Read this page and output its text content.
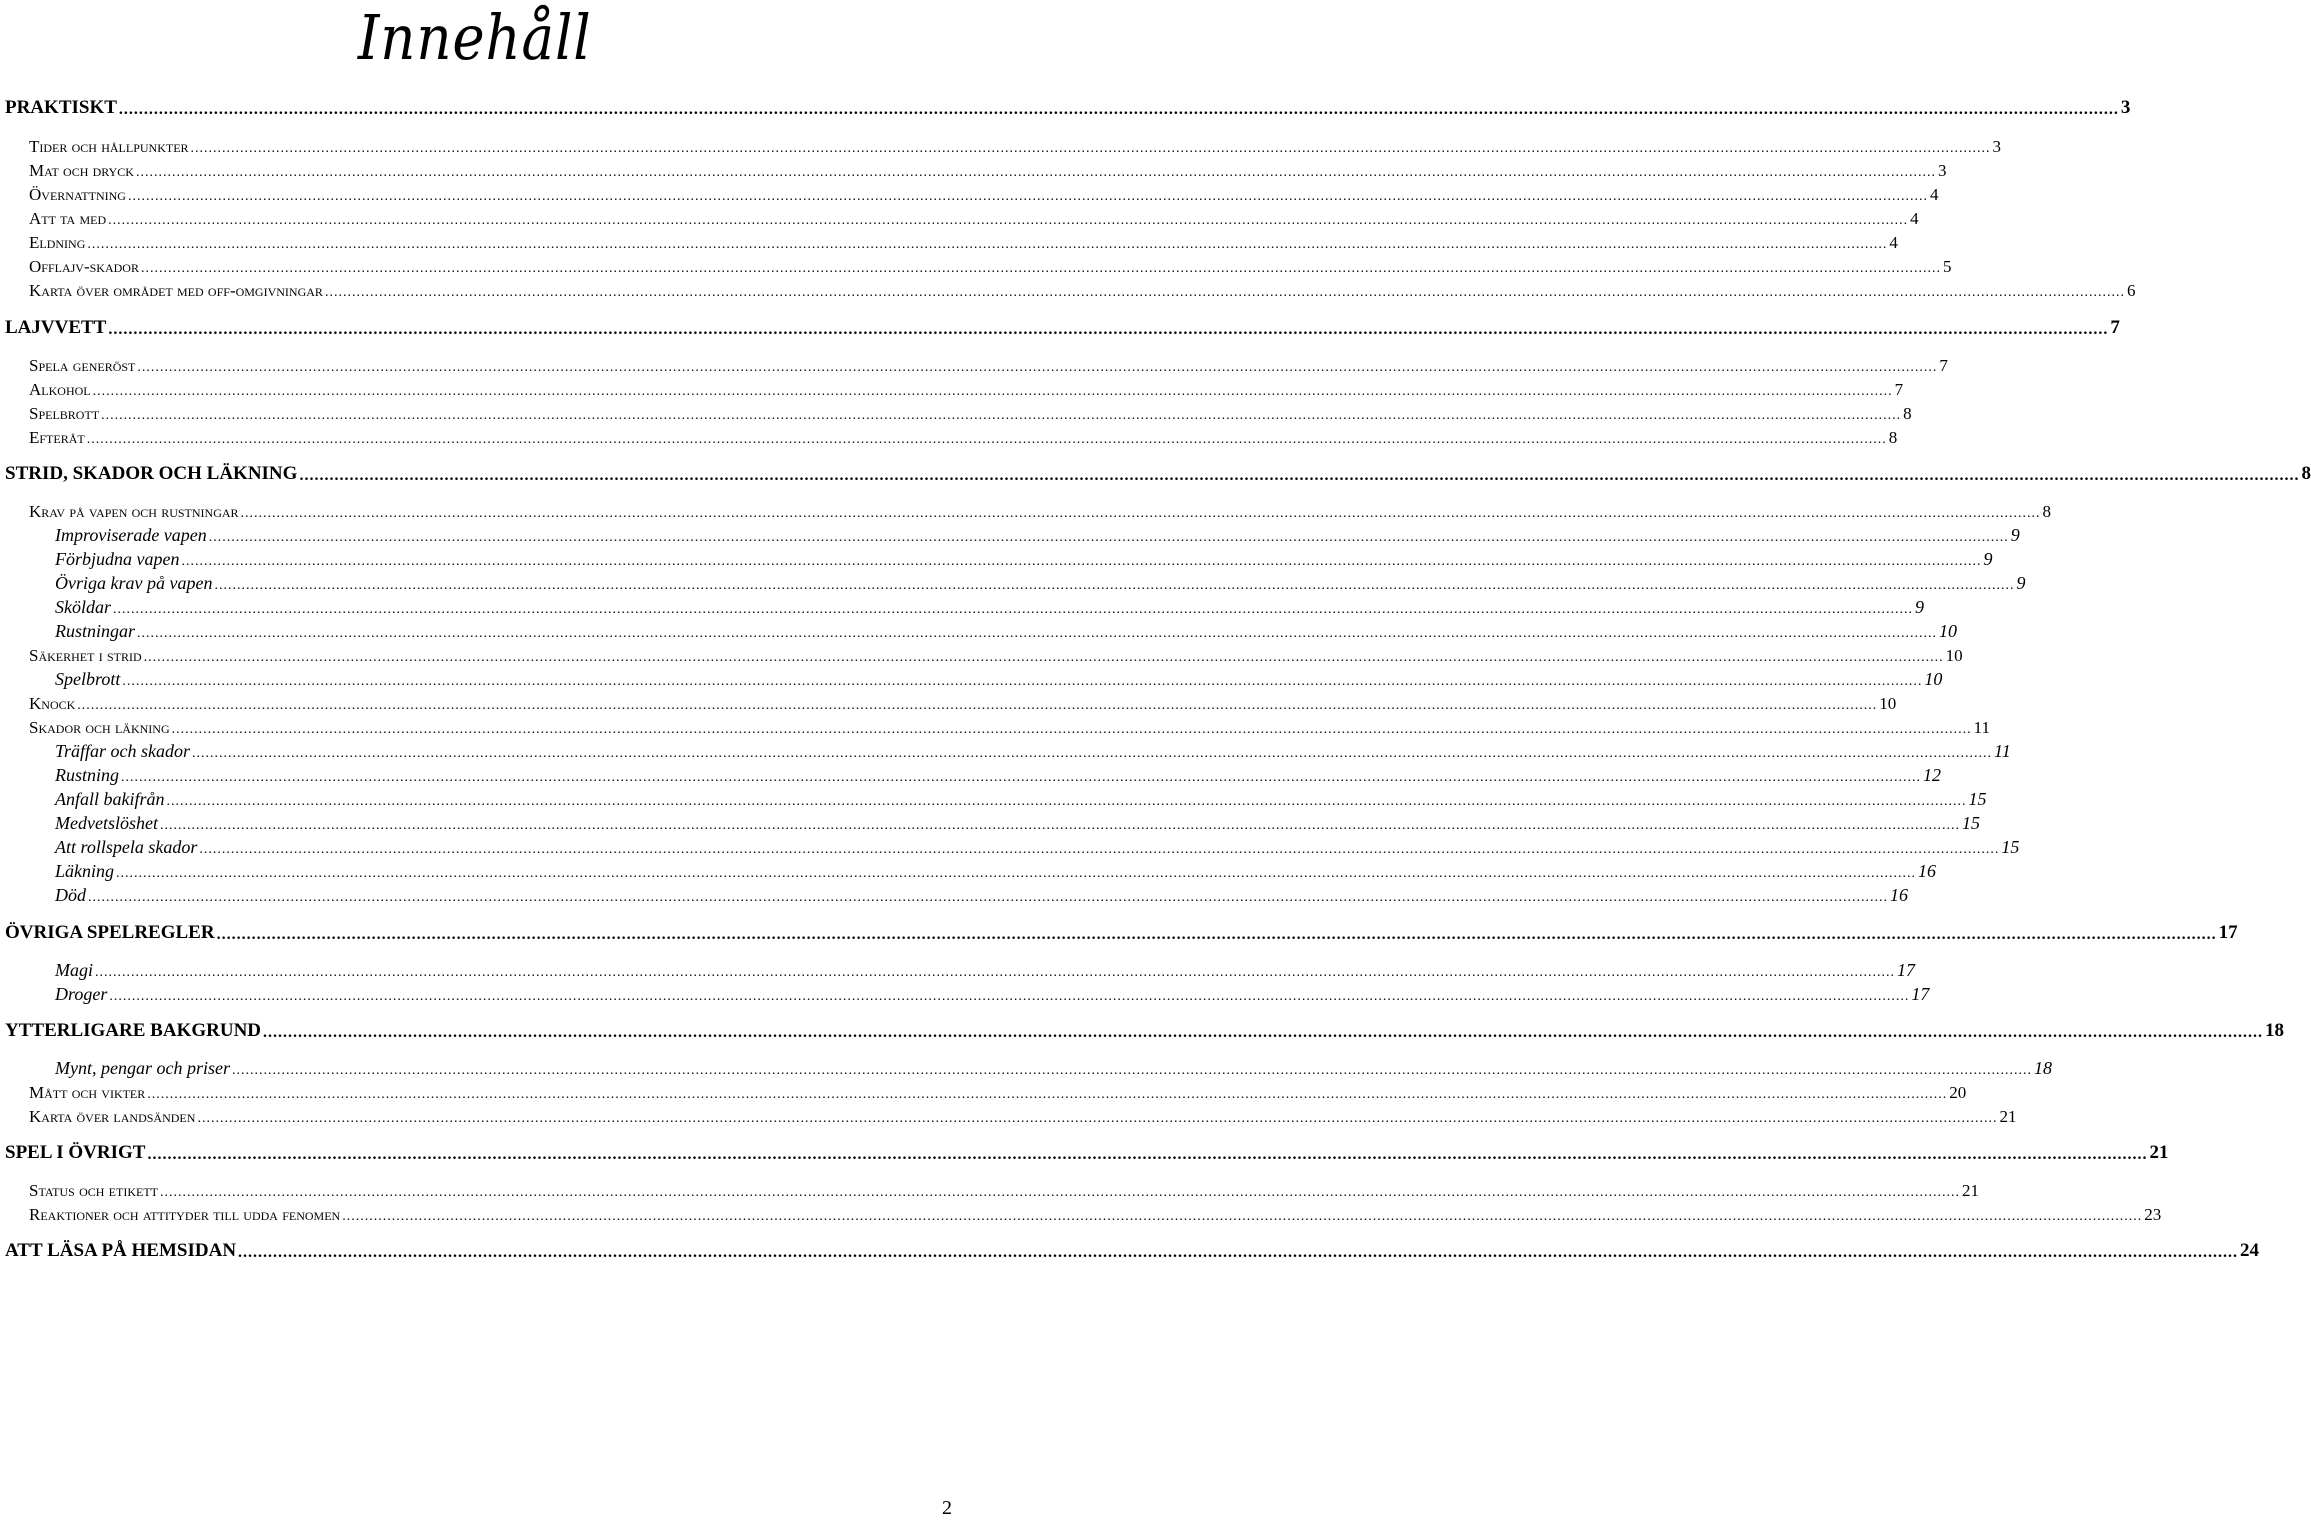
Innehåll
PRAKTISKT ................................................................................................................................................................................................................................................................................................................................................................................................................ 3
Tider och hållpunkter ................................................................................................................................................................................................................................................................................................................................................................................................................ 3
Mat och dryck ................................................................................................................................................................................................................................................................................................................................................................................................................ 3
Övernattning ................................................................................................................................................................................................................................................................................................................................................................................................................ 4
Att ta med ................................................................................................................................................................................................................................................................................................................................................................................................................ 4
Eldning ................................................................................................................................................................................................................................................................................................................................................................................................................ 4
Offlajv-skador ................................................................................................................................................................................................................................................................................................................................................................................................................ 5
Karta över området med off-omgivningar ................................................................................................................................................................................................................................................................................................................................................................................................................ 6
LAJVVETT ................................................................................................................................................................................................................................................................................................................................................................................................................ 7
Spela generöst ................................................................................................................................................................................................................................................................................................................................................................................................................ 7
Alkohol ................................................................................................................................................................................................................................................................................................................................................................................................................ 7
Spelbrott ................................................................................................................................................................................................................................................................................................................................................................................................................ 8
Efteråt ................................................................................................................................................................................................................................................................................................................................................................................................................ 8
STRID, SKADOR OCH LÄKNING ................................................................................................................................................................................................................................................................................................................................................................................................................ 8
Krav på vapen och rustningar ................................................................................................................................................................................................................................................................................................................................................................................................................ 8
Improviserade vapen ................................................................................................................................................................................................................................................................................................................................................................................................................ 9
Förbjudna vapen ................................................................................................................................................................................................................................................................................................................................................................................................................ 9
Övriga krav på vapen ................................................................................................................................................................................................................................................................................................................................................................................................................ 9
Sköldar ................................................................................................................................................................................................................................................................................................................................................................................................................ 9
Rustningar ................................................................................................................................................................................................................................................................................................................................................................................................................ 10
Säkerhet i strid ................................................................................................................................................................................................................................................................................................................................................................................................................ 10
Spelbrott ................................................................................................................................................................................................................................................................................................................................................................................................................ 10
Knock ................................................................................................................................................................................................................................................................................................................................................................................................................ 10
Skador och läkning ................................................................................................................................................................................................................................................................................................................................................................................................................ 11
Träffar och skador ................................................................................................................................................................................................................................................................................................................................................................................................................ 11
Rustning ................................................................................................................................................................................................................................................................................................................................................................................................................ 12
Anfall bakifrån ................................................................................................................................................................................................................................................................................................................................................................................................................ 15
Medvetslöshet ................................................................................................................................................................................................................................................................................................................................................................................................................ 15
Att rollspela skador ................................................................................................................................................................................................................................................................................................................................................................................................................ 15
Läkning ................................................................................................................................................................................................................................................................................................................................................................................................................ 16
Död ................................................................................................................................................................................................................................................................................................................................................................................................................ 16
ÖVRIGA SPELREGLER ................................................................................................................................................................................................................................................................................................................................................................................................................ 17
Magi ................................................................................................................................................................................................................................................................................................................................................................................................................ 17
Droger ................................................................................................................................................................................................................................................................................................................................................................................................................ 17
YTTERLIGARE BAKGRUND ................................................................................................................................................................................................................................................................................................................................................................................................................ 18
Mynt, pengar och priser ................................................................................................................................................................................................................................................................................................................................................................................................................ 18
Mått och vikter ................................................................................................................................................................................................................................................................................................................................................................................................................ 20
Karta över landsänden ................................................................................................................................................................................................................................................................................................................................................................................................................ 21
SPEL I ÖVRIGT ................................................................................................................................................................................................................................................................................................................................................................................................................ 21
Status och etikett ................................................................................................................................................................................................................................................................................................................................................................................................................ 21
Reaktioner och attityder till udda fenomen ................................................................................................................................................................................................................................................................................................................................................................................................................ 23
ATT LÄSA PÅ HEMSIDAN ................................................................................................................................................................................................................................................................................................................................................................................................................ 24
2
